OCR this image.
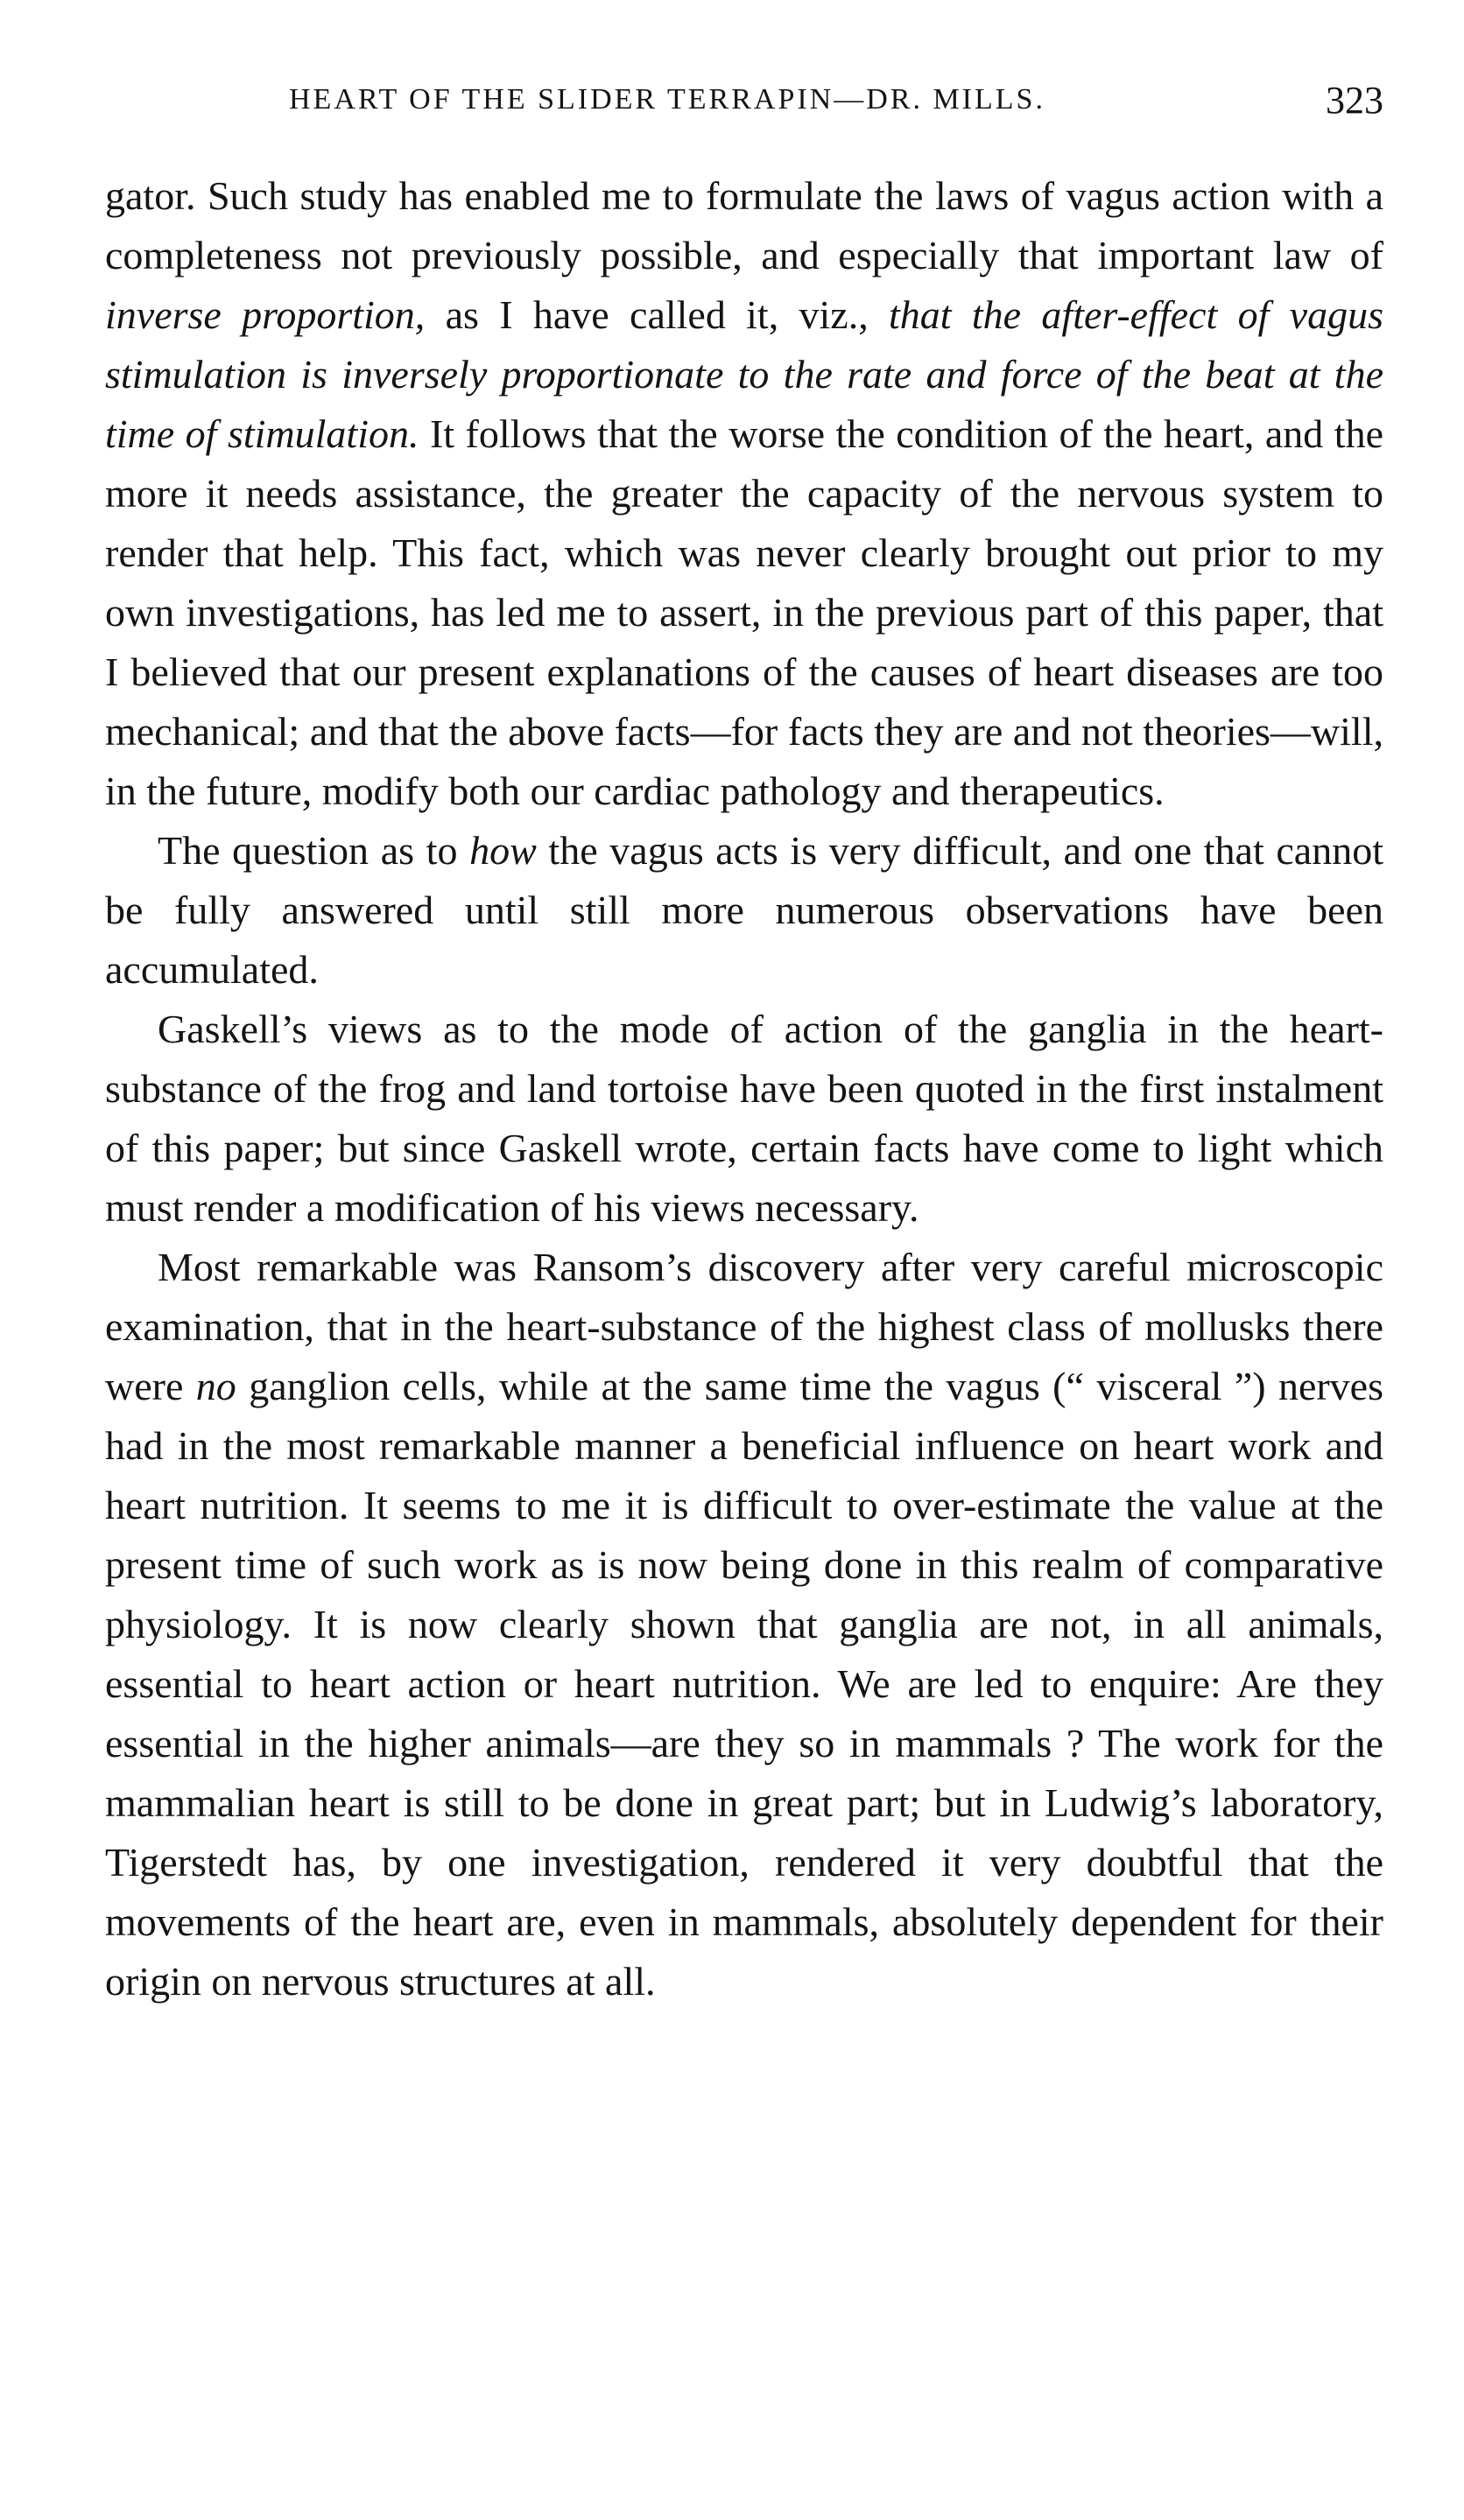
HEART OF THE SLIDER TERRAPIN—DR. MILLS.	323

gator. Such study has enabled me to formulate the laws of vagus action with a completeness not previously possible, and especially that important law of inverse proportion, as I have called it, viz., that the after-effect of vagus stimulation is inversely proportionate to the rate and force of the beat at the time of stimulation. It follows that the worse the condition of the heart, and the more it needs assistance, the greater the capacity of the nervous system to render that help. This fact, which was never clearly brought out prior to my own investigations, has led me to assert, in the previous part of this paper, that I believed that our present explanations of the causes of heart diseases are too mechanical; and that the above facts—for facts they are and not theories—will, in the future, modify both our cardiac pathology and therapeutics.

The question as to how the vagus acts is very difficult, and one that cannot be fully answered until still more numerous observations have been accumulated.

Gaskell’s views as to the mode of action of the ganglia in the heart-substance of the frog and land tortoise have been quoted in the first instalment of this paper; but since Gaskell wrote, certain facts have come to light which must render a modification of his views necessary.

Most remarkable was Ransom’s discovery after very careful microscopic examination, that in the heart-substance of the highest class of mollusks there were no ganglion cells, while at the same time the vagus (“ visceral ”) nerves had in the most remarkable manner a beneficial influence on heart work and heart nutrition. It seems to me it is difficult to over-estimate the value at the present time of such work as is now being done in this realm of comparative physiology. It is now clearly shown that ganglia are not, in all animals, essential to heart action or heart nutrition. We are led to enquire: Are they essential in the higher animals—are they so in mammals ? The work for the mammalian heart is still to be done in great part; but in Ludwig’s laboratory, Tigerstedt has, by one investigation, rendered it very doubtful that the movements of the heart are, even in mammals, absolutely dependent for their origin on nervous structures at all.
